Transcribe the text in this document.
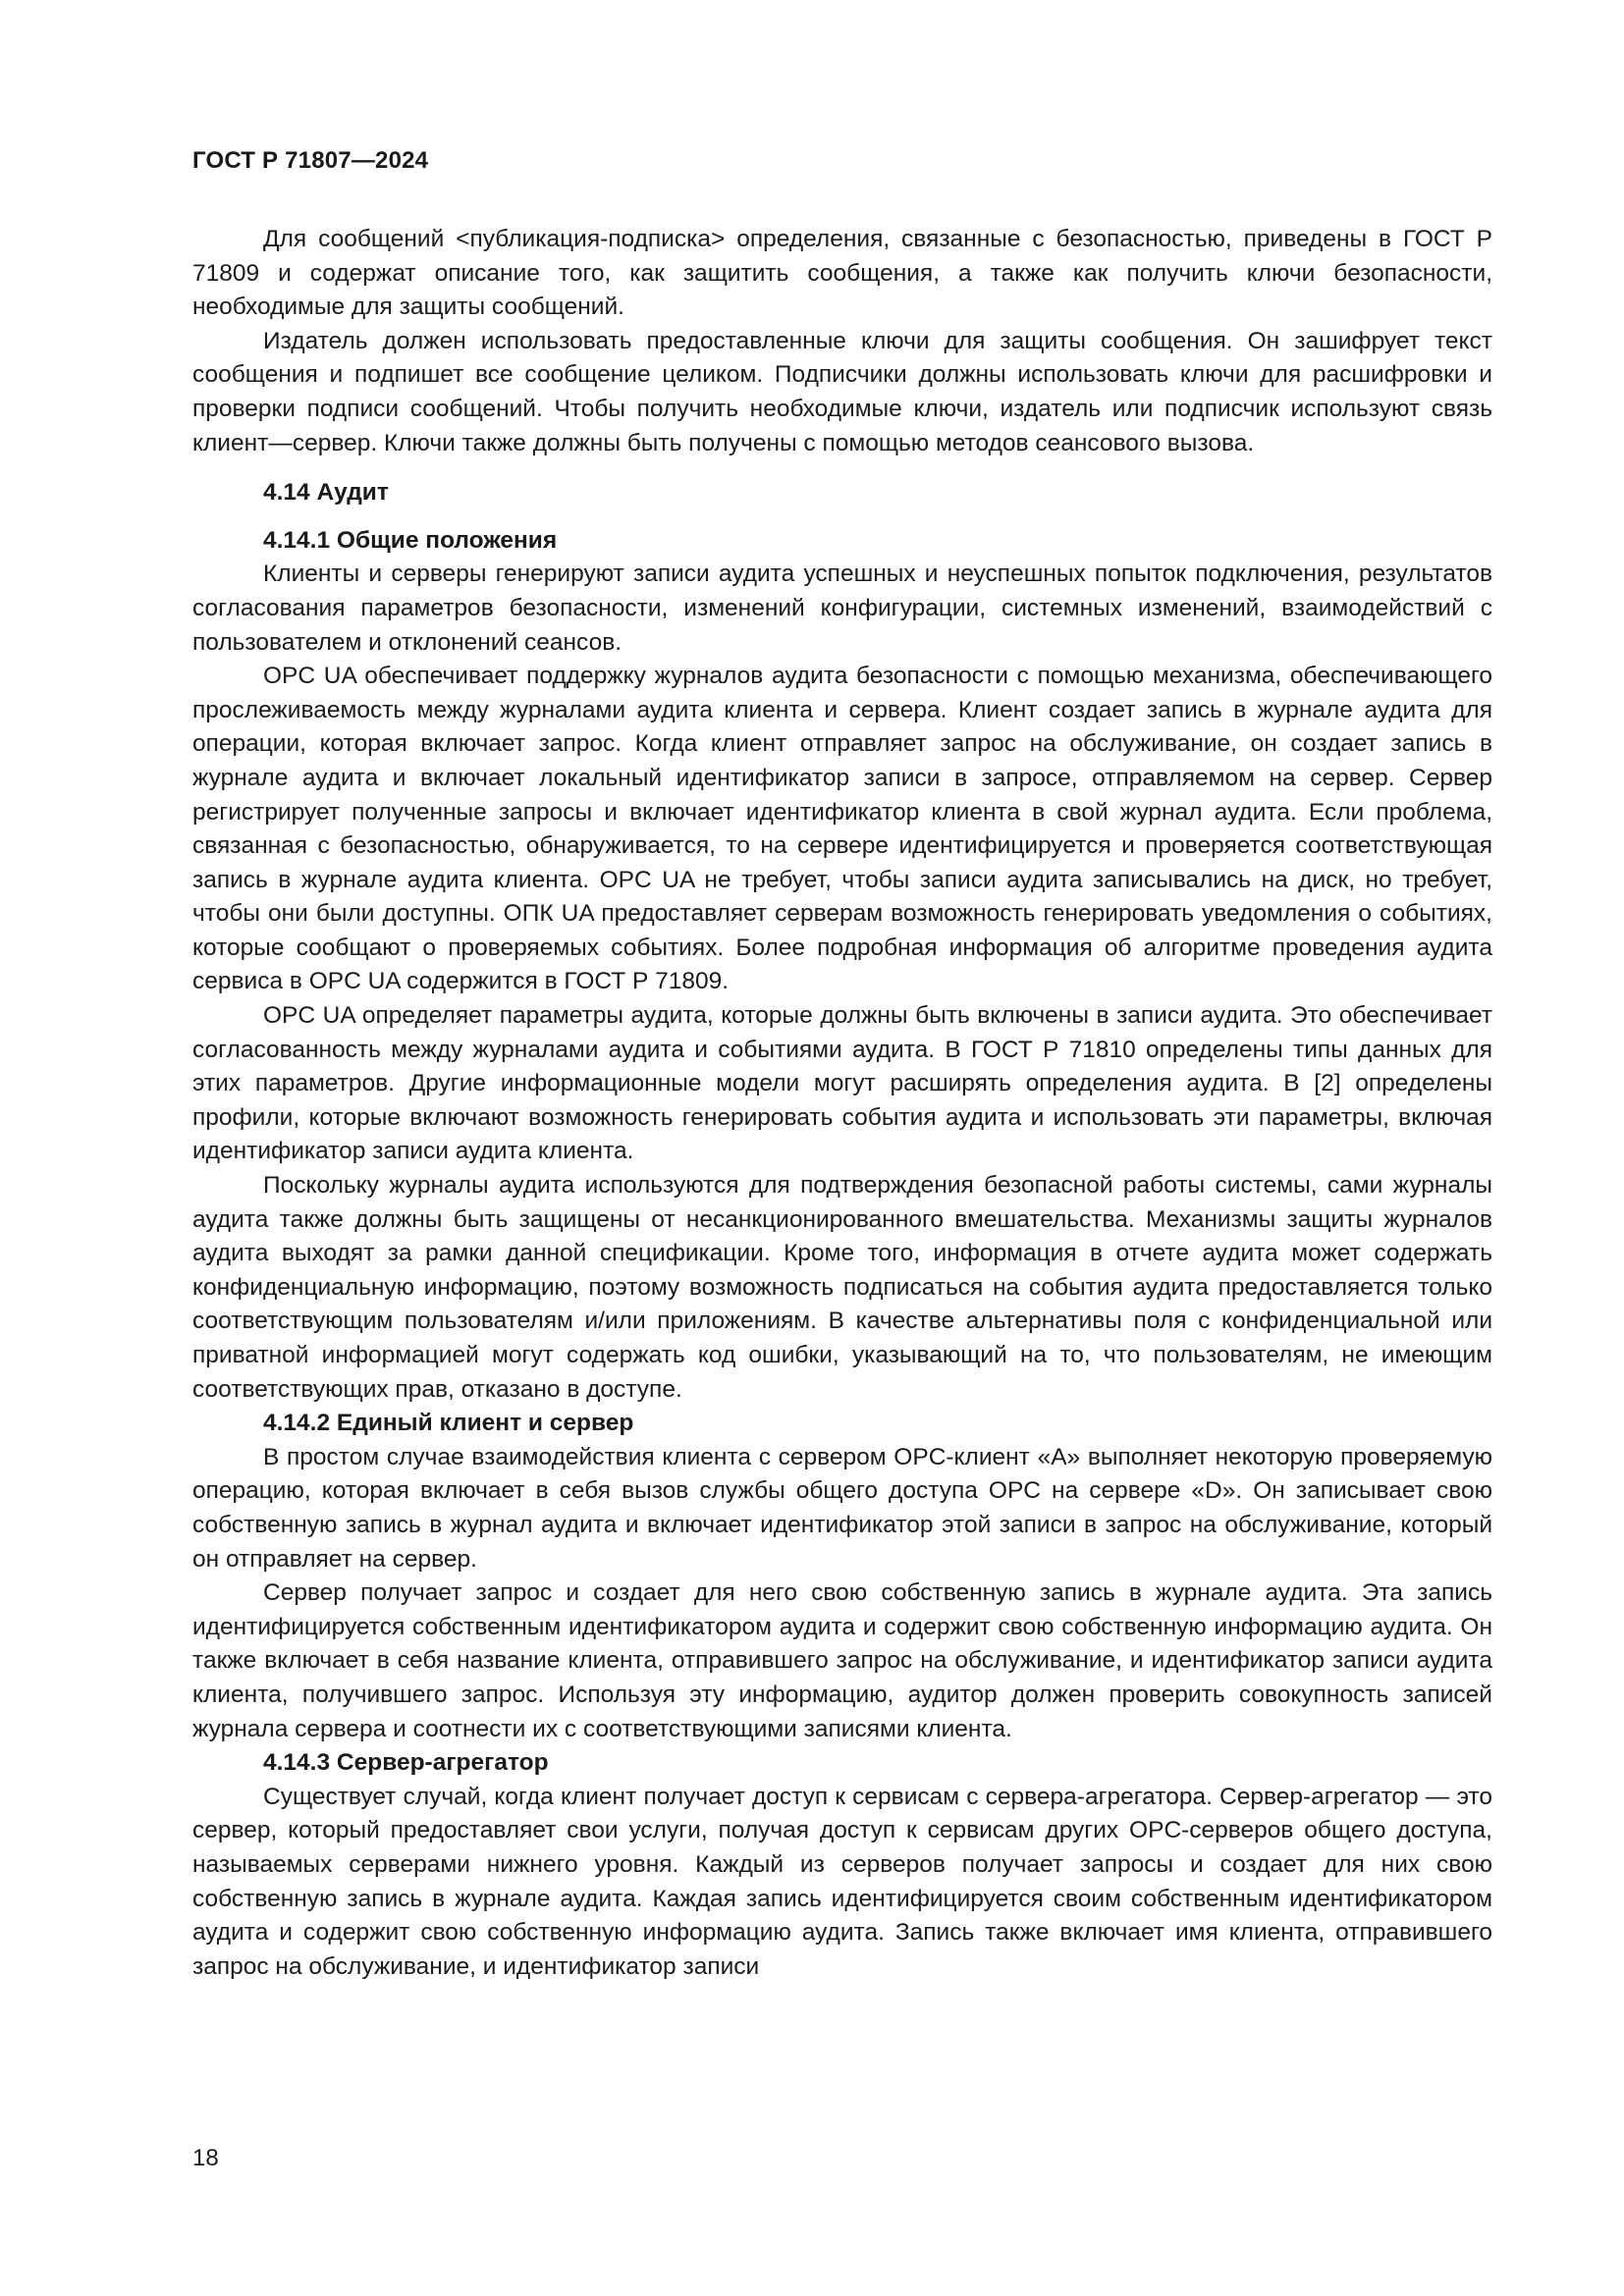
ГОСТ Р 71807—2024

Для сообщений <публикация-подписка> определения, связанные с безопасностью, приведены в ГОСТ Р 71809 и содержат описание того, как защитить сообщения, а также как получить ключи безопасности, необходимые для защиты сообщений.

Издатель должен использовать предоставленные ключи для защиты сообщения. Он зашифрует текст сообщения и подпишет все сообщение целиком. Подписчики должны использовать ключи для расшифровки и проверки подписи сообщений. Чтобы получить необходимые ключи, издатель или подписчик используют связь клиент—сервер. Ключи также должны быть получены с помощью методов сеансового вызова.

4.14 Аудит

4.14.1 Общие положения

Клиенты и серверы генерируют записи аудита успешных и неуспешных попыток подключения, результатов согласования параметров безопасности, изменений конфигурации, системных изменений, взаимодействий с пользователем и отклонений сеансов.

OPC UA обеспечивает поддержку журналов аудита безопасности с помощью механизма, обеспечивающего прослеживаемость между журналами аудита клиента и сервера. Клиент создает запись в журнале аудита для операции, которая включает запрос. Когда клиент отправляет запрос на обслуживание, он создает запись в журнале аудита и включает локальный идентификатор записи в запросе, отправляемом на сервер. Сервер регистрирует полученные запросы и включает идентификатор клиента в свой журнал аудита. Если проблема, связанная с безопасностью, обнаруживается, то на сервере идентифицируется и проверяется соответствующая запись в журнале аудита клиента. OPC UA не требует, чтобы записи аудита записывались на диск, но требует, чтобы они были доступны. ОПК UA предоставляет серверам возможность генерировать уведомления о событиях, которые сообщают о проверяемых событиях. Более подробная информация об алгоритме проведения аудита сервиса в OPC UA содержится в ГОСТ Р 71809.

OPC UA определяет параметры аудита, которые должны быть включены в записи аудита. Это обеспечивает согласованность между журналами аудита и событиями аудита. В ГОСТ Р 71810 определены типы данных для этих параметров. Другие информационные модели могут расширять определения аудита. В [2] определены профили, которые включают возможность генерировать события аудита и использовать эти параметры, включая идентификатор записи аудита клиента.

Поскольку журналы аудита используются для подтверждения безопасной работы системы, сами журналы аудита также должны быть защищены от несанкционированного вмешательства. Механизмы защиты журналов аудита выходят за рамки данной спецификации. Кроме того, информация в отчете аудита может содержать конфиденциальную информацию, поэтому возможность подписаться на события аудита предоставляется только соответствующим пользователям и/или приложениям. В качестве альтернативы поля с конфиденциальной или приватной информацией могут содержать код ошибки, указывающий на то, что пользователям, не имеющим соответствующих прав, отказано в доступе.

4.14.2 Единый клиент и сервер

В простом случае взаимодействия клиента с сервером OPC-клиент «А» выполняет некоторую проверяемую операцию, которая включает в себя вызов службы общего доступа OPC на сервере «D». Он записывает свою собственную запись в журнал аудита и включает идентификатор этой записи в запрос на обслуживание, который он отправляет на сервер.

Сервер получает запрос и создает для него свою собственную запись в журнале аудита. Эта запись идентифицируется собственным идентификатором аудита и содержит свою собственную информацию аудита. Он также включает в себя название клиента, отправившего запрос на обслуживание, и идентификатор записи аудита клиента, получившего запрос. Используя эту информацию, аудитор должен проверить совокупность записей журнала сервера и соотнести их с соответствующими записями клиента.

4.14.3 Сервер-агрегатор

Существует случай, когда клиент получает доступ к сервисам с сервера-агрегатора. Сервер-агрегатор — это сервер, который предоставляет свои услуги, получая доступ к сервисам других OPC-серверов общего доступа, называемых серверами нижнего уровня. Каждый из серверов получает запросы и создает для них свою собственную запись в журнале аудита. Каждая запись идентифицируется своим собственным идентификатором аудита и содержит свою собственную информацию аудита. Запись также включает имя клиента, отправившего запрос на обслуживание, и идентификатор записи

18
